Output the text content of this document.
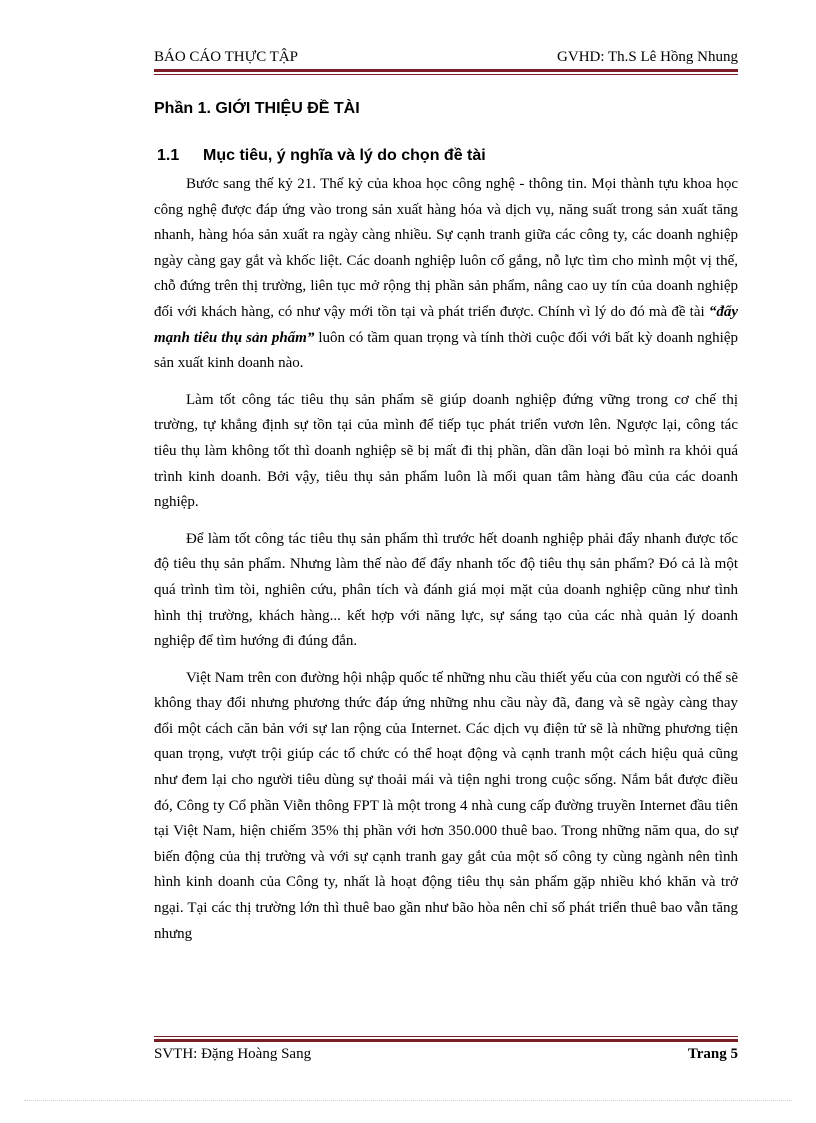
BÁO CÁO THỰC TẬP	GVHD: Th.S Lê Hồng Nhung
Phần 1. GIỚI THIỆU ĐỀ TÀI
1.1 Mục tiêu, ý nghĩa và lý do chọn đề tài

Bước sang thế kỷ 21. Thế kỷ của khoa học công nghệ - thông tin. Mọi thành tựu khoa học công nghệ được đáp ứng vào trong sản xuất hàng hóa và dịch vụ, năng suất trong sản xuất tăng nhanh, hàng hóa sản xuất ra ngày càng nhiều. Sự cạnh tranh giữa các công ty, các doanh nghiệp ngày càng gay gắt và khốc liệt. Các doanh nghiệp luôn cố gắng, nỗ lực tìm cho mình một vị thế, chỗ đứng trên thị trường, liên tục mở rộng thị phần sản phẩm, nâng cao uy tín của doanh nghiệp đối với khách hàng, có như vậy mới tồn tại và phát triển được. Chính vì lý do đó mà đề tài “đẩy mạnh tiêu thụ sản phẩm” luôn có tầm quan trọng và tính thời cuộc đối với bất kỳ doanh nghiệp sản xuất kinh doanh nào.

Làm tốt công tác tiêu thụ sản phẩm sẽ giúp doanh nghiệp đứng vững trong cơ chế thị trường, tự khẳng định sự tồn tại của mình để tiếp tục phát triển vươn lên. Ngược lại, công tác tiêu thụ làm không tốt thì doanh nghiệp sẽ bị mất đi thị phần, dần dần loại bỏ mình ra khỏi quá trình kinh doanh. Bởi vậy, tiêu thụ sản phẩm luôn là mối quan tâm hàng đầu của các doanh nghiệp.

Để làm tốt công tác tiêu thụ sản phẩm thì trước hết doanh nghiệp phải đẩy nhanh được tốc độ tiêu thụ sản phẩm. Nhưng làm thế nào để đẩy nhanh tốc độ tiêu thụ sản phẩm? Đó cả là một quá trình tìm tòi, nghiên cứu, phân tích và đánh giá mọi mặt của doanh nghiệp cũng như tình hình thị trường, khách hàng... kết hợp với năng lực, sự sáng tạo của các nhà quản lý doanh nghiệp để tìm hướng đi đúng đắn.

Việt Nam trên con đường hội nhập quốc tế những nhu cầu thiết yếu của con người có thể sẽ không thay đổi nhưng phương thức đáp ứng những nhu cầu này đã, đang và sẽ ngày càng thay đổi một cách căn bản với sự lan rộng của Internet. Các dịch vụ điện tử sẽ là những phương tiện quan trọng, vượt trội giúp các tổ chức có thể hoạt động và cạnh tranh một cách hiệu quả cũng như đem lại cho người tiêu dùng sự thoải mái và tiện nghi trong cuộc sống. Nắm bắt được điều đó, Công ty Cổ phần Viễn thông FPT là một trong 4 nhà cung cấp đường truyền Internet đầu tiên tại Việt Nam, hiện chiếm 35% thị phần với hơn 350.000 thuê bao. Trong những năm qua, do sự biến động của thị trường và với sự cạnh tranh gay gắt của một số công ty cùng ngành nên tình hình kinh doanh của Công ty, nhất là hoạt động tiêu thụ sản phẩm gặp nhiều khó khăn và trở ngại. Tại các thị trường lớn thì thuê bao gần như bão hòa nên chỉ số phát triển thuê bao vẫn tăng nhưng

SVTH: Đặng Hoàng Sang	Trang 5
